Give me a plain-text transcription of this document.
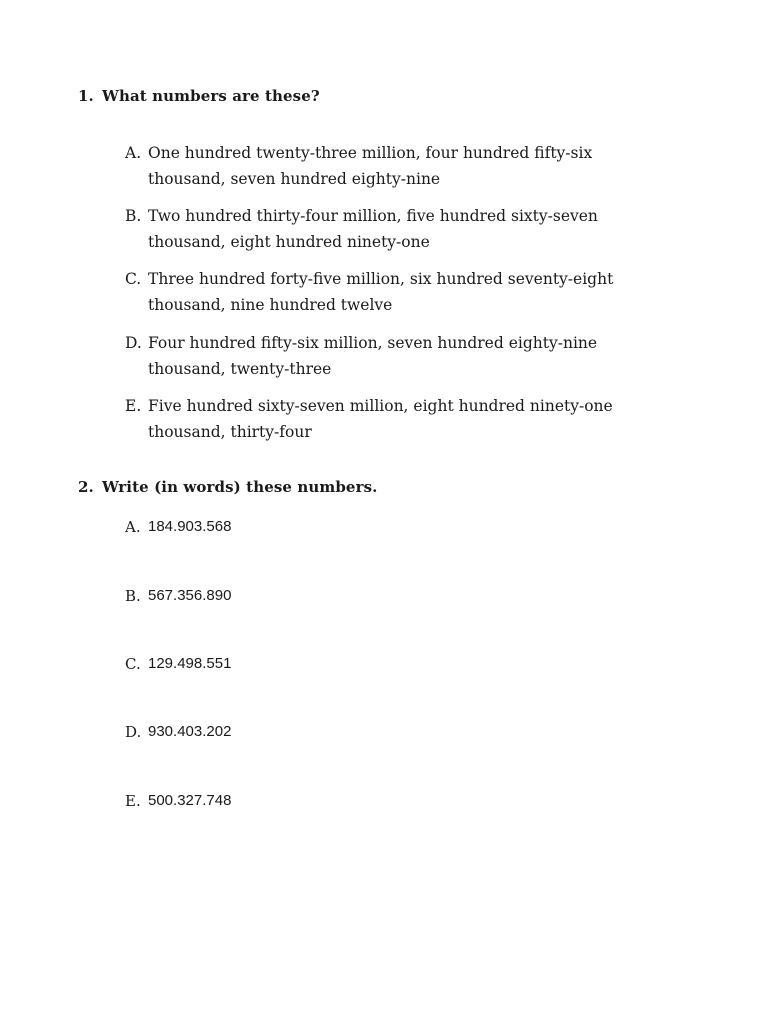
1. What numbers are these?
A. One hundred twenty-three million, four hundred fifty-six thousand, seven hundred eighty-nine
B. Two hundred thirty-four million, five hundred sixty-seven thousand, eight hundred ninety-one
C. Three hundred forty-five million, six hundred seventy-eight thousand, nine hundred twelve
D. Four hundred fifty-six million, seven hundred eighty-nine thousand, twenty-three
E. Five hundred sixty-seven million, eight hundred ninety-one thousand, thirty-four
2. Write (in words) these numbers.
A. 184.903.568
B. 567.356.890
C. 129.498.551
D. 930.403.202
E. 500.327.748
